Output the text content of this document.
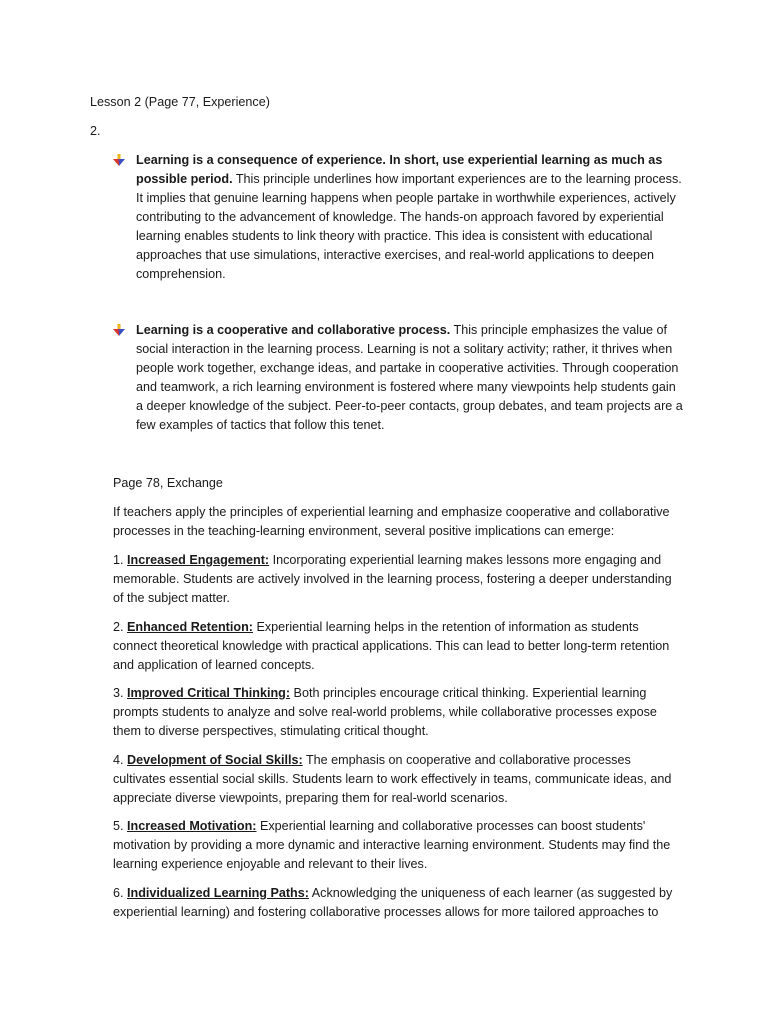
Lesson 2 (Page 77, Experience)
2.
Learning is a consequence of experience. In short, use experiential learning as much as possible period. This principle underlines how important experiences are to the learning process. It implies that genuine learning happens when people partake in worthwhile experiences, actively contributing to the advancement of knowledge. The hands-on approach favored by experiential learning enables students to link theory with practice. This idea is consistent with educational approaches that use simulations, interactive exercises, and real-world applications to deepen comprehension.
Learning is a cooperative and collaborative process. This principle emphasizes the value of social interaction in the learning process. Learning is not a solitary activity; rather, it thrives when people work together, exchange ideas, and partake in cooperative activities. Through cooperation and teamwork, a rich learning environment is fostered where many viewpoints help students gain a deeper knowledge of the subject. Peer-to-peer contacts, group debates, and team projects are a few examples of tactics that follow this tenet.
Page 78, Exchange
If teachers apply the principles of experiential learning and emphasize cooperative and collaborative processes in the teaching-learning environment, several positive implications can emerge:
1. Increased Engagement: Incorporating experiential learning makes lessons more engaging and memorable. Students are actively involved in the learning process, fostering a deeper understanding of the subject matter.
2. Enhanced Retention: Experiential learning helps in the retention of information as students connect theoretical knowledge with practical applications. This can lead to better long-term retention and application of learned concepts.
3. Improved Critical Thinking: Both principles encourage critical thinking. Experiential learning prompts students to analyze and solve real-world problems, while collaborative processes expose them to diverse perspectives, stimulating critical thought.
4. Development of Social Skills: The emphasis on cooperative and collaborative processes cultivates essential social skills. Students learn to work effectively in teams, communicate ideas, and appreciate diverse viewpoints, preparing them for real-world scenarios.
5. Increased Motivation: Experiential learning and collaborative processes can boost students' motivation by providing a more dynamic and interactive learning environment. Students may find the learning experience enjoyable and relevant to their lives.
6. Individualized Learning Paths: Acknowledging the uniqueness of each learner (as suggested by experiential learning) and fostering collaborative processes allows for more tailored approaches to
